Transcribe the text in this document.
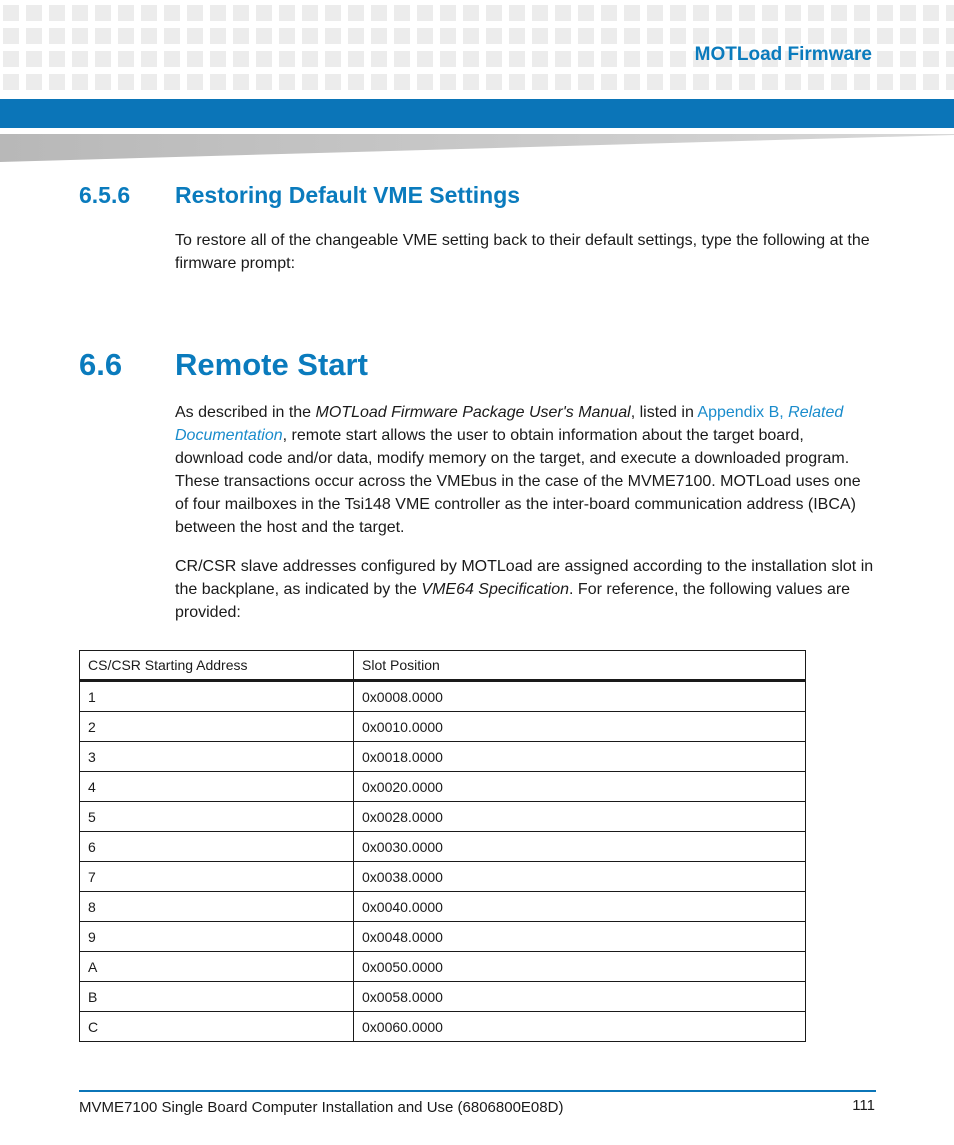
MOTLoad Firmware
6.5.6 Restoring Default VME Settings
To restore all of the changeable VME setting back to their default settings, type the following at the firmware prompt:
6.6 Remote Start
As described in the MOTLoad Firmware Package User's Manual, listed in Appendix B, Related Documentation, remote start allows the user to obtain information about the target board, download code and/or data, modify memory on the target, and execute a downloaded program. These transactions occur across the VMEbus in the case of the MVME7100. MOTLoad uses one of four mailboxes in the Tsi148 VME controller as the inter-board communication address (IBCA) between the host and the target.
CR/CSR slave addresses configured by MOTLoad are assigned according to the installation slot in the backplane, as indicated by the VME64 Specification. For reference, the following values are provided:
CS/CSR Starting Address	Slot Position
1	0x0008.0000
2	0x0010.0000
3	0x0018.0000
4	0x0020.0000
5	0x0028.0000
6	0x0030.0000
7	0x0038.0000
8	0x0040.0000
9	0x0048.0000
A	0x0050.0000
B	0x0058.0000
C	0x0060.0000
MVME7100 Single Board Computer Installation and Use (6806800E08D)	111
